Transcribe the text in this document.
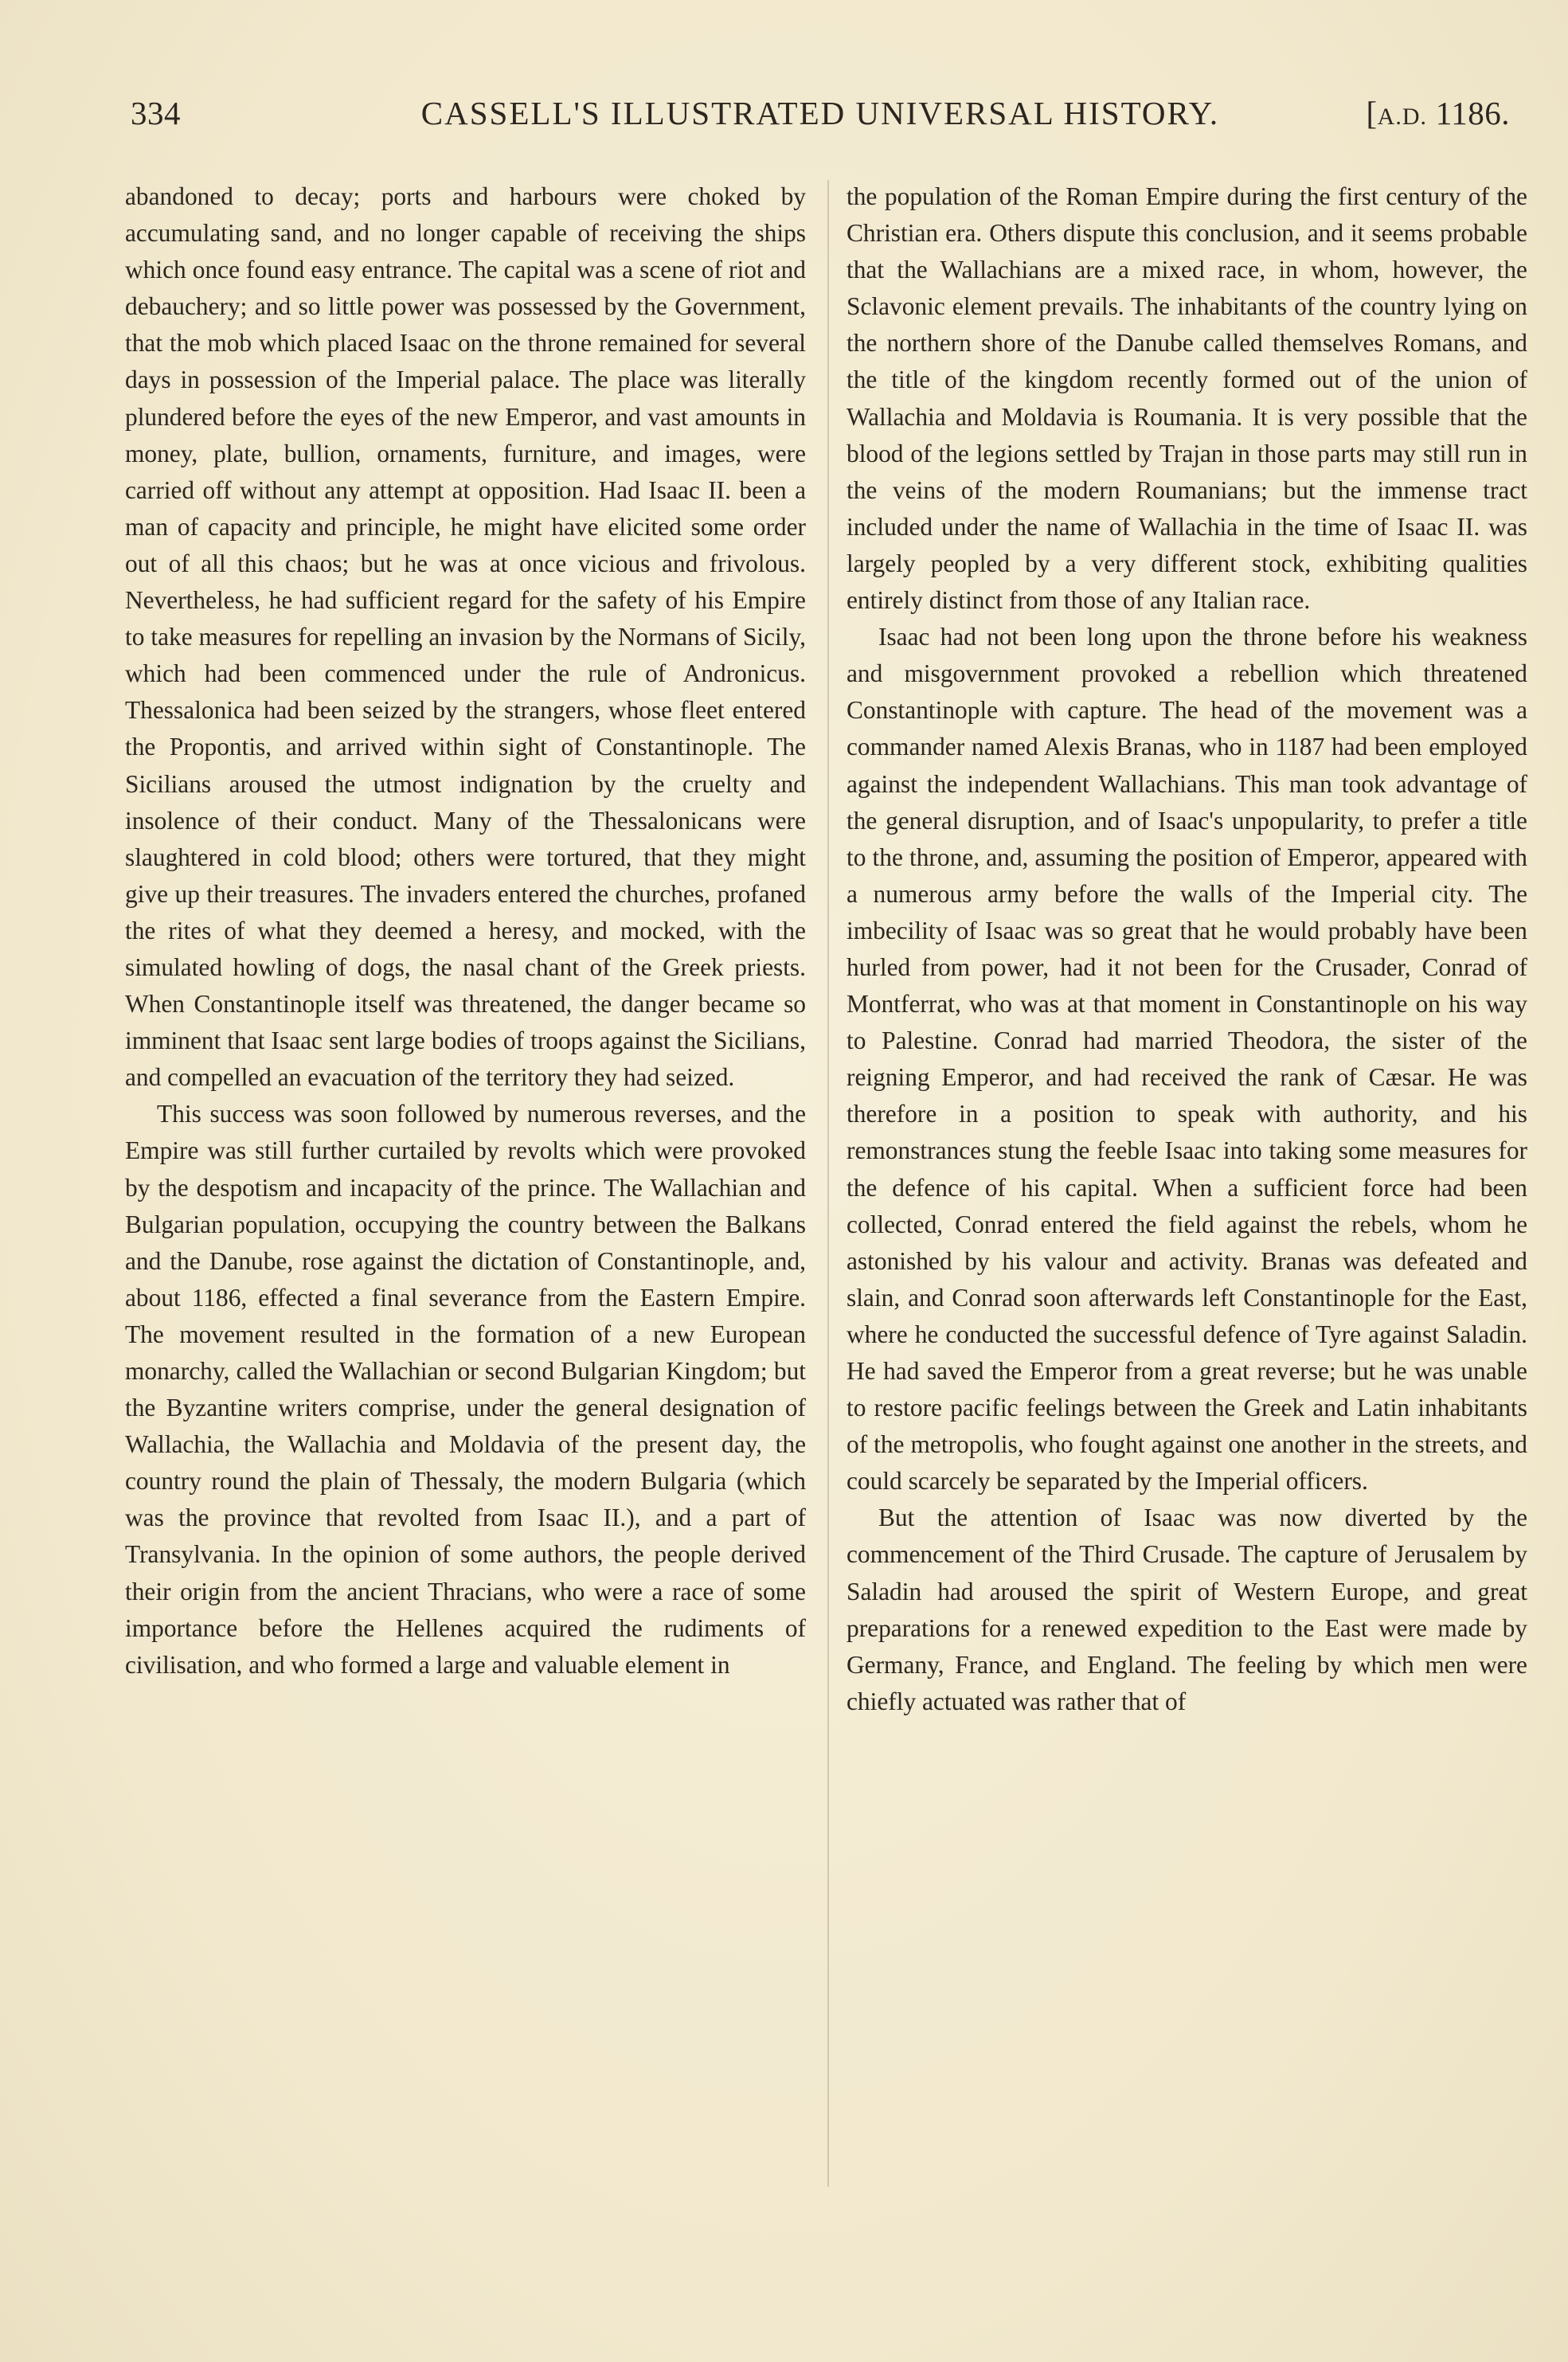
334	CASSELL'S ILLUSTRATED UNIVERSAL HISTORY.	[A.D. 1186.

abandoned to decay; ports and harbours were choked by accumulating sand, and no longer capable of receiving the ships which once found easy entrance. The capital was a scene of riot and debauchery; and so little power was possessed by the Government, that the mob which placed Isaac on the throne remained for several days in possession of the Imperial palace. The place was literally plundered before the eyes of the new Emperor, and vast amounts in money, plate, bullion, ornaments, furniture, and images, were carried off without any attempt at opposition. Had Isaac II. been a man of capacity and principle, he might have elicited some order out of all this chaos; but he was at once vicious and frivolous. Nevertheless, he had sufficient regard for the safety of his Empire to take measures for repelling an invasion by the Normans of Sicily, which had been commenced under the rule of Andronicus. Thessalonica had been seized by the strangers, whose fleet entered the Propontis, and arrived within sight of Constantinople. The Sicilians aroused the utmost indignation by the cruelty and insolence of their conduct. Many of the Thessalonicans were slaughtered in cold blood; others were tortured, that they might give up their treasures. The invaders entered the churches, profaned the rites of what they deemed a heresy, and mocked, with the simulated howling of dogs, the nasal chant of the Greek priests. When Constantinople itself was threatened, the danger became so imminent that Isaac sent large bodies of troops against the Sicilians, and compelled an evacuation of the territory they had seized.

This success was soon followed by numerous reverses, and the Empire was still further curtailed by revolts which were provoked by the despotism and incapacity of the prince. The Wallachian and Bulgarian population, occupying the country between the Balkans and the Danube, rose against the dictation of Constantinople, and, about 1186, effected a final severance from the Eastern Empire. The movement resulted in the formation of a new European monarchy, called the Wallachian or second Bulgarian Kingdom; but the Byzantine writers comprise, under the general designation of Wallachia, the Wallachia and Moldavia of the present day, the country round the plain of Thessaly, the modern Bulgaria (which was the province that revolted from Isaac II.), and a part of Transylvania. In the opinion of some authors, the people derived their origin from the ancient Thracians, who were a race of some importance before the Hellenes acquired the rudiments of civilisation, and who formed a large and valuable element in

the population of the Roman Empire during the first century of the Christian era. Others dispute this conclusion, and it seems probable that the Wallachians are a mixed race, in whom, however, the Sclavonic element prevails. The inhabitants of the country lying on the northern shore of the Danube called themselves Romans, and the title of the kingdom recently formed out of the union of Wallachia and Moldavia is Roumania. It is very possible that the blood of the legions settled by Trajan in those parts may still run in the veins of the modern Roumanians; but the immense tract included under the name of Wallachia in the time of Isaac II. was largely peopled by a very different stock, exhibiting qualities entirely distinct from those of any Italian race.

Isaac had not been long upon the throne before his weakness and misgovernment provoked a rebellion which threatened Constantinople with capture. The head of the movement was a commander named Alexis Branas, who in 1187 had been employed against the independent Wallachians. This man took advantage of the general disruption, and of Isaac's unpopularity, to prefer a title to the throne, and, assuming the position of Emperor, appeared with a numerous army before the walls of the Imperial city. The imbecility of Isaac was so great that he would probably have been hurled from power, had it not been for the Crusader, Conrad of Montferrat, who was at that moment in Constantinople on his way to Palestine. Conrad had married Theodora, the sister of the reigning Emperor, and had received the rank of Cæsar. He was therefore in a position to speak with authority, and his remonstrances stung the feeble Isaac into taking some measures for the defence of his capital. When a sufficient force had been collected, Conrad entered the field against the rebels, whom he astonished by his valour and activity. Branas was defeated and slain, and Conrad soon afterwards left Constantinople for the East, where he conducted the successful defence of Tyre against Saladin. He had saved the Emperor from a great reverse; but he was unable to restore pacific feelings between the Greek and Latin inhabitants of the metropolis, who fought against one another in the streets, and could scarcely be separated by the Imperial officers.

But the attention of Isaac was now diverted by the commencement of the Third Crusade. The capture of Jerusalem by Saladin had aroused the spirit of Western Europe, and great preparations for a renewed expedition to the East were made by Germany, France, and England. The feeling by which men were chiefly actuated was rather that of
